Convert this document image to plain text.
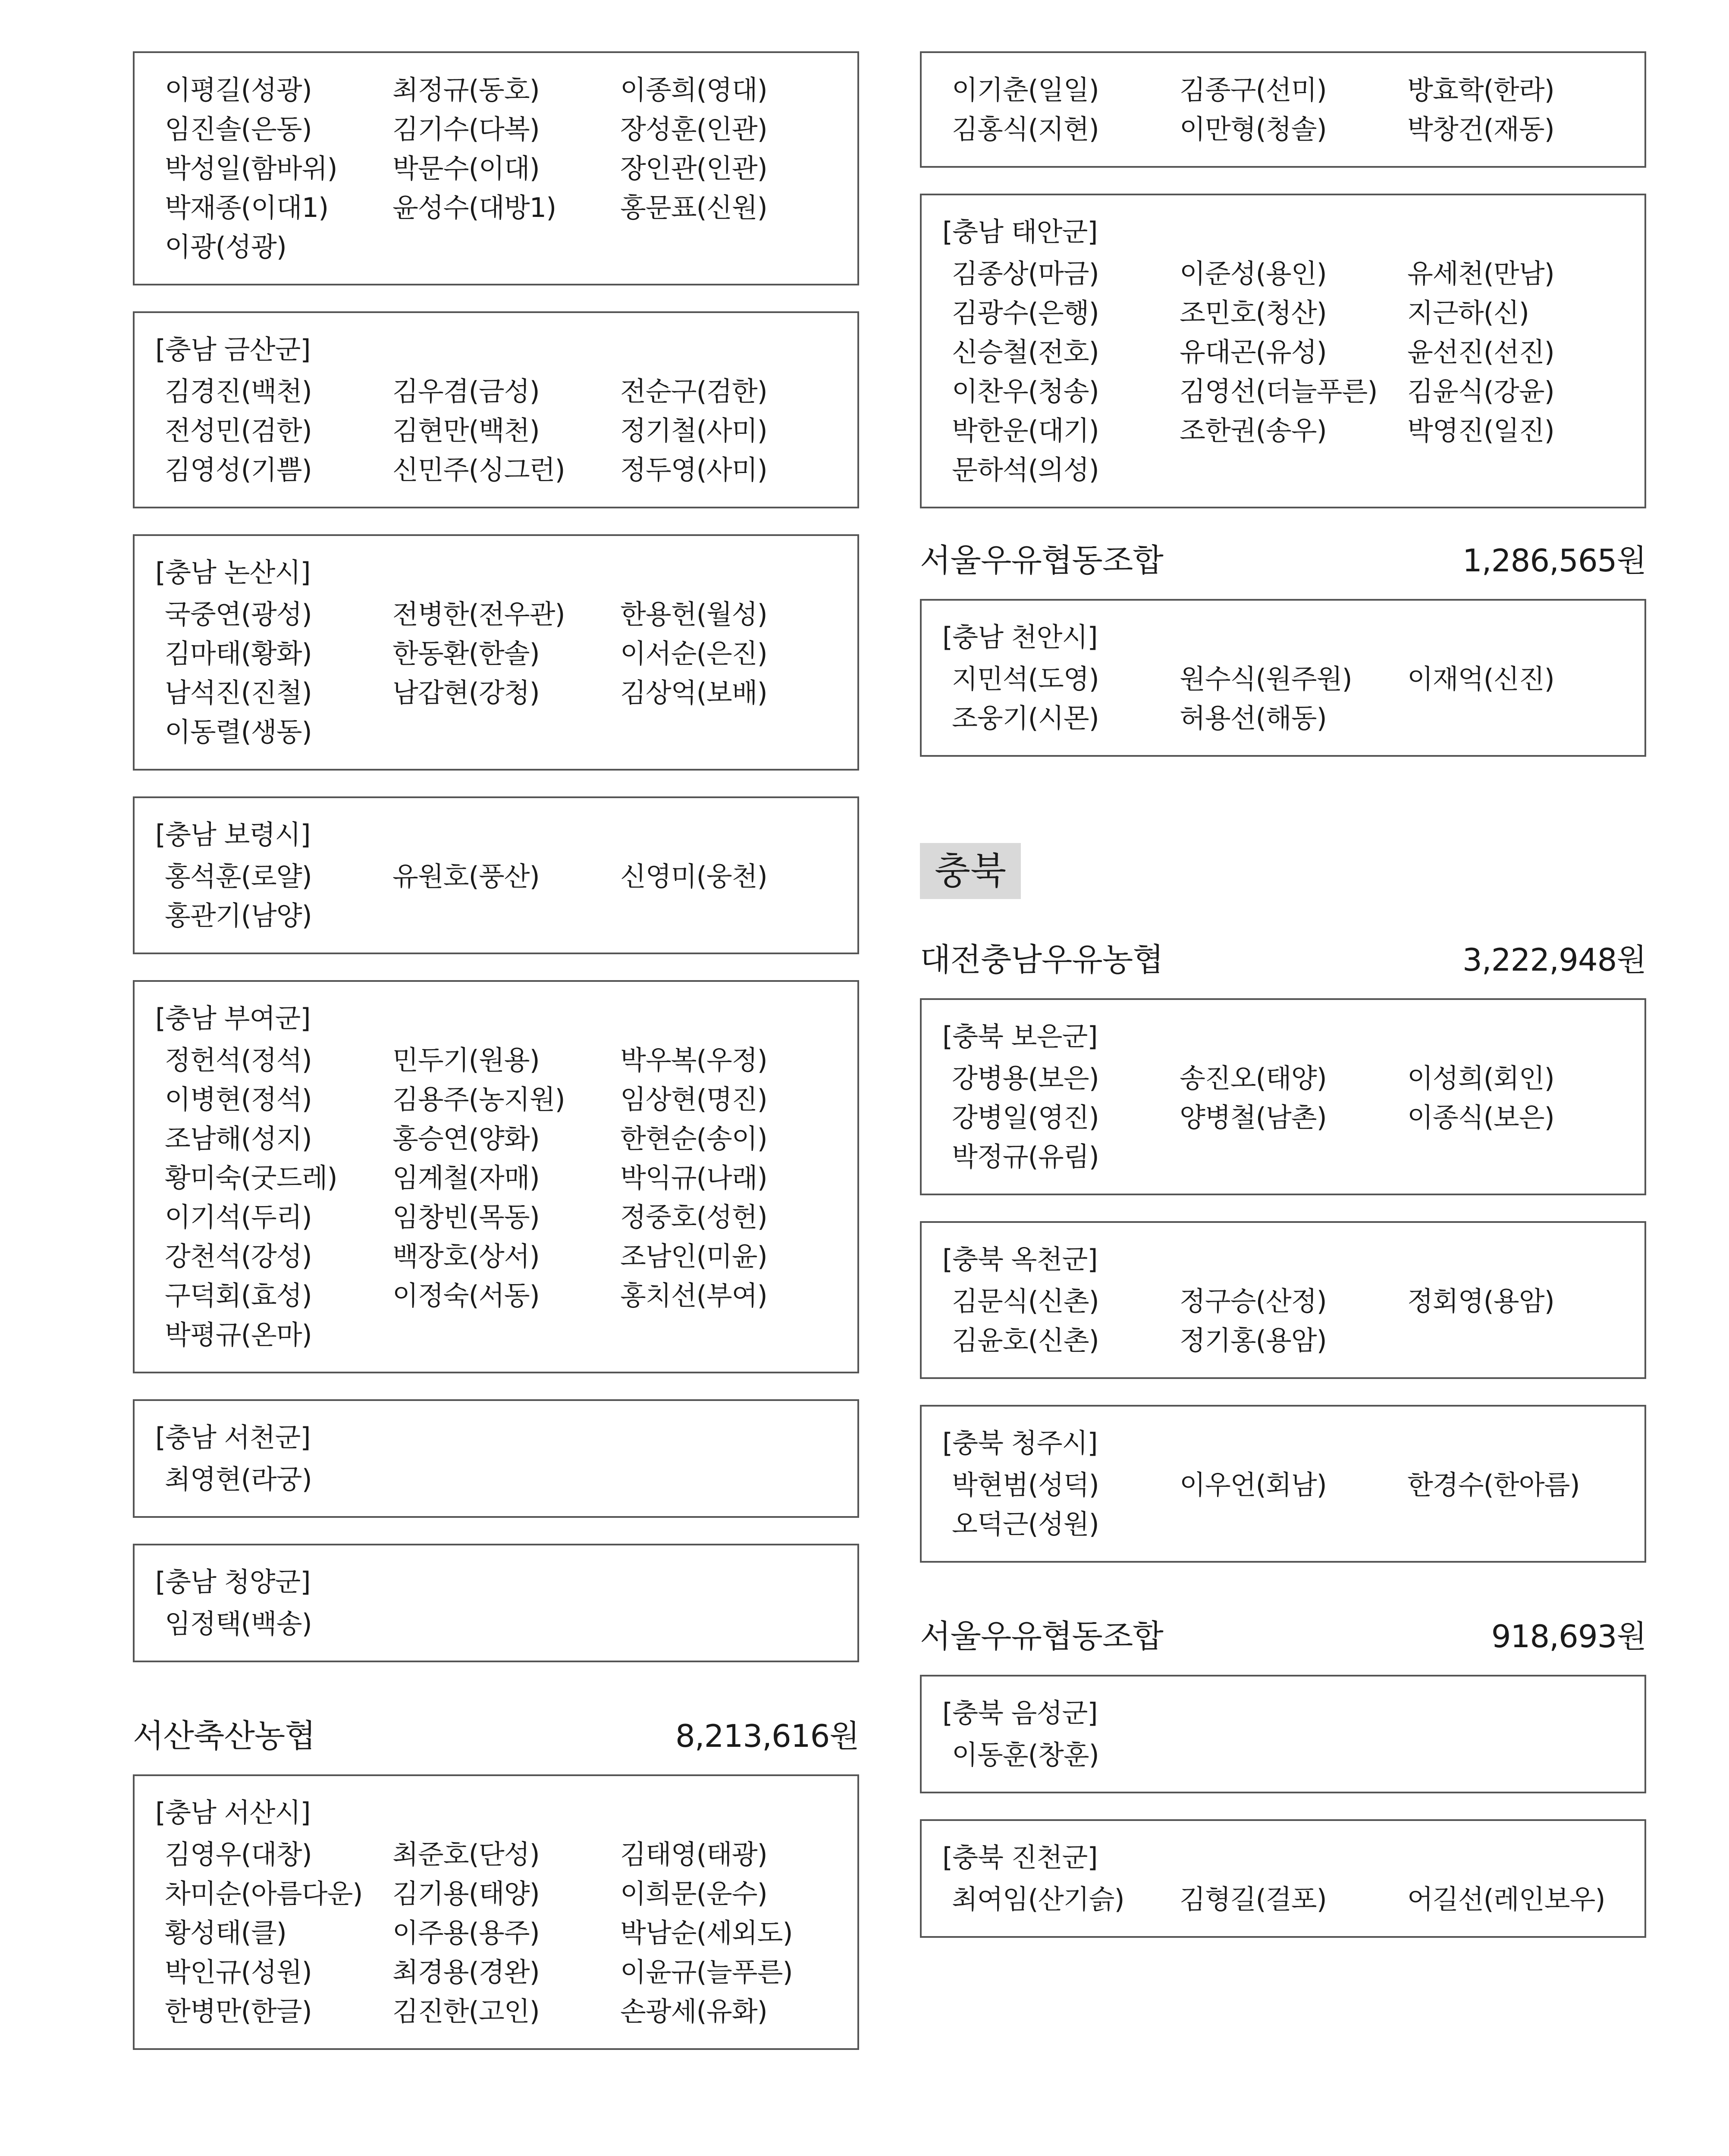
이평길(성광)	최정규(동호)	이종희(영대)
임진솔(은동)	김기수(다복)	장성훈(인관)
박성일(함바위)	박문수(이대)	장인관(인관)
박재종(이대1)	윤성수(대방1)	홍문표(신원)
이광(성광)
[충남 금산군]
김경진(백천)	김우겸(금성)	전순구(검한)
전성민(검한)	김현만(백천)	정기철(사미)
김영성(기쁨)	신민주(싱그런)	정두영(사미)
[충남 논산시]
국중연(광성)	전병한(전우관)	한용헌(월성)
김마태(황화)	한동환(한솔)	이서순(은진)
남석진(진철)	남갑현(강청)	김상억(보배)
이동렬(생동)
[충남 보령시]
홍석훈(로얄)	유원호(풍산)	신영미(웅천)
홍관기(남양)
[충남 부여군]
정헌석(정석)	민두기(원용)	박우복(우정)
이병현(정석)	김용주(농지원)	임상현(명진)
조남해(성지)	홍승연(양화)	한현순(송이)
황미숙(굿드레)	임계철(자매)	박익규(나래)
이기석(두리)	임창빈(목동)	정중호(성헌)
강천석(강성)	백장호(상서)	조남인(미윤)
구덕회(효성)	이정숙(서동)	홍치선(부여)
박평규(온마)
[충남 서천군]
최영현(라궁)
[충남 청양군]
임정택(백송)
서산축산농협	8,213,616원
[충남 서산시]
김영우(대창)	최준호(단성)	김태영(태광)
차미순(아름다운)	김기용(태양)	이희문(운수)
황성태(클)	이주용(용주)	박남순(세외도)
박인규(성원)	최경용(경완)	이윤규(늘푸른)
한병만(한글)	김진한(고인)	손광세(유화)
이기춘(일일)	김종구(선미)	방효학(한라)
김홍식(지현)	이만형(청솔)	박창건(재동)
[충남 태안군]
김종상(마금)	이준성(용인)	유세천(만남)
김광수(은행)	조민호(청산)	지근하(신)
신승철(전호)	유대곤(유성)	윤선진(선진)
이찬우(청송)	김영선(더늘푸른)	김윤식(강윤)
박한운(대기)	조한권(송우)	박영진(일진)
문하석(의성)
서울우유협동조합	1,286,565원
[충남 천안시]
지민석(도영)	원수식(원주원)	이재억(신진)
조웅기(시몬)	허용선(해동)
충북
대전충남우유농협	3,222,948원
[충북 보은군]
강병용(보은)	송진오(태양)	이성희(회인)
강병일(영진)	양병철(남촌)	이종식(보은)
박정규(유림)
[충북 옥천군]
김문식(신촌)	정구승(산정)	정회영(용암)
김윤호(신촌)	정기홍(용암)
[충북 청주시]
박현범(성덕)	이우언(회남)	한경수(한아름)
오덕근(성원)
서울우유협동조합	918,693원
[충북 음성군]
이동훈(창훈)
[충북 진천군]
최여임(산기슭)	김형길(걸포)	어길선(레인보우)
